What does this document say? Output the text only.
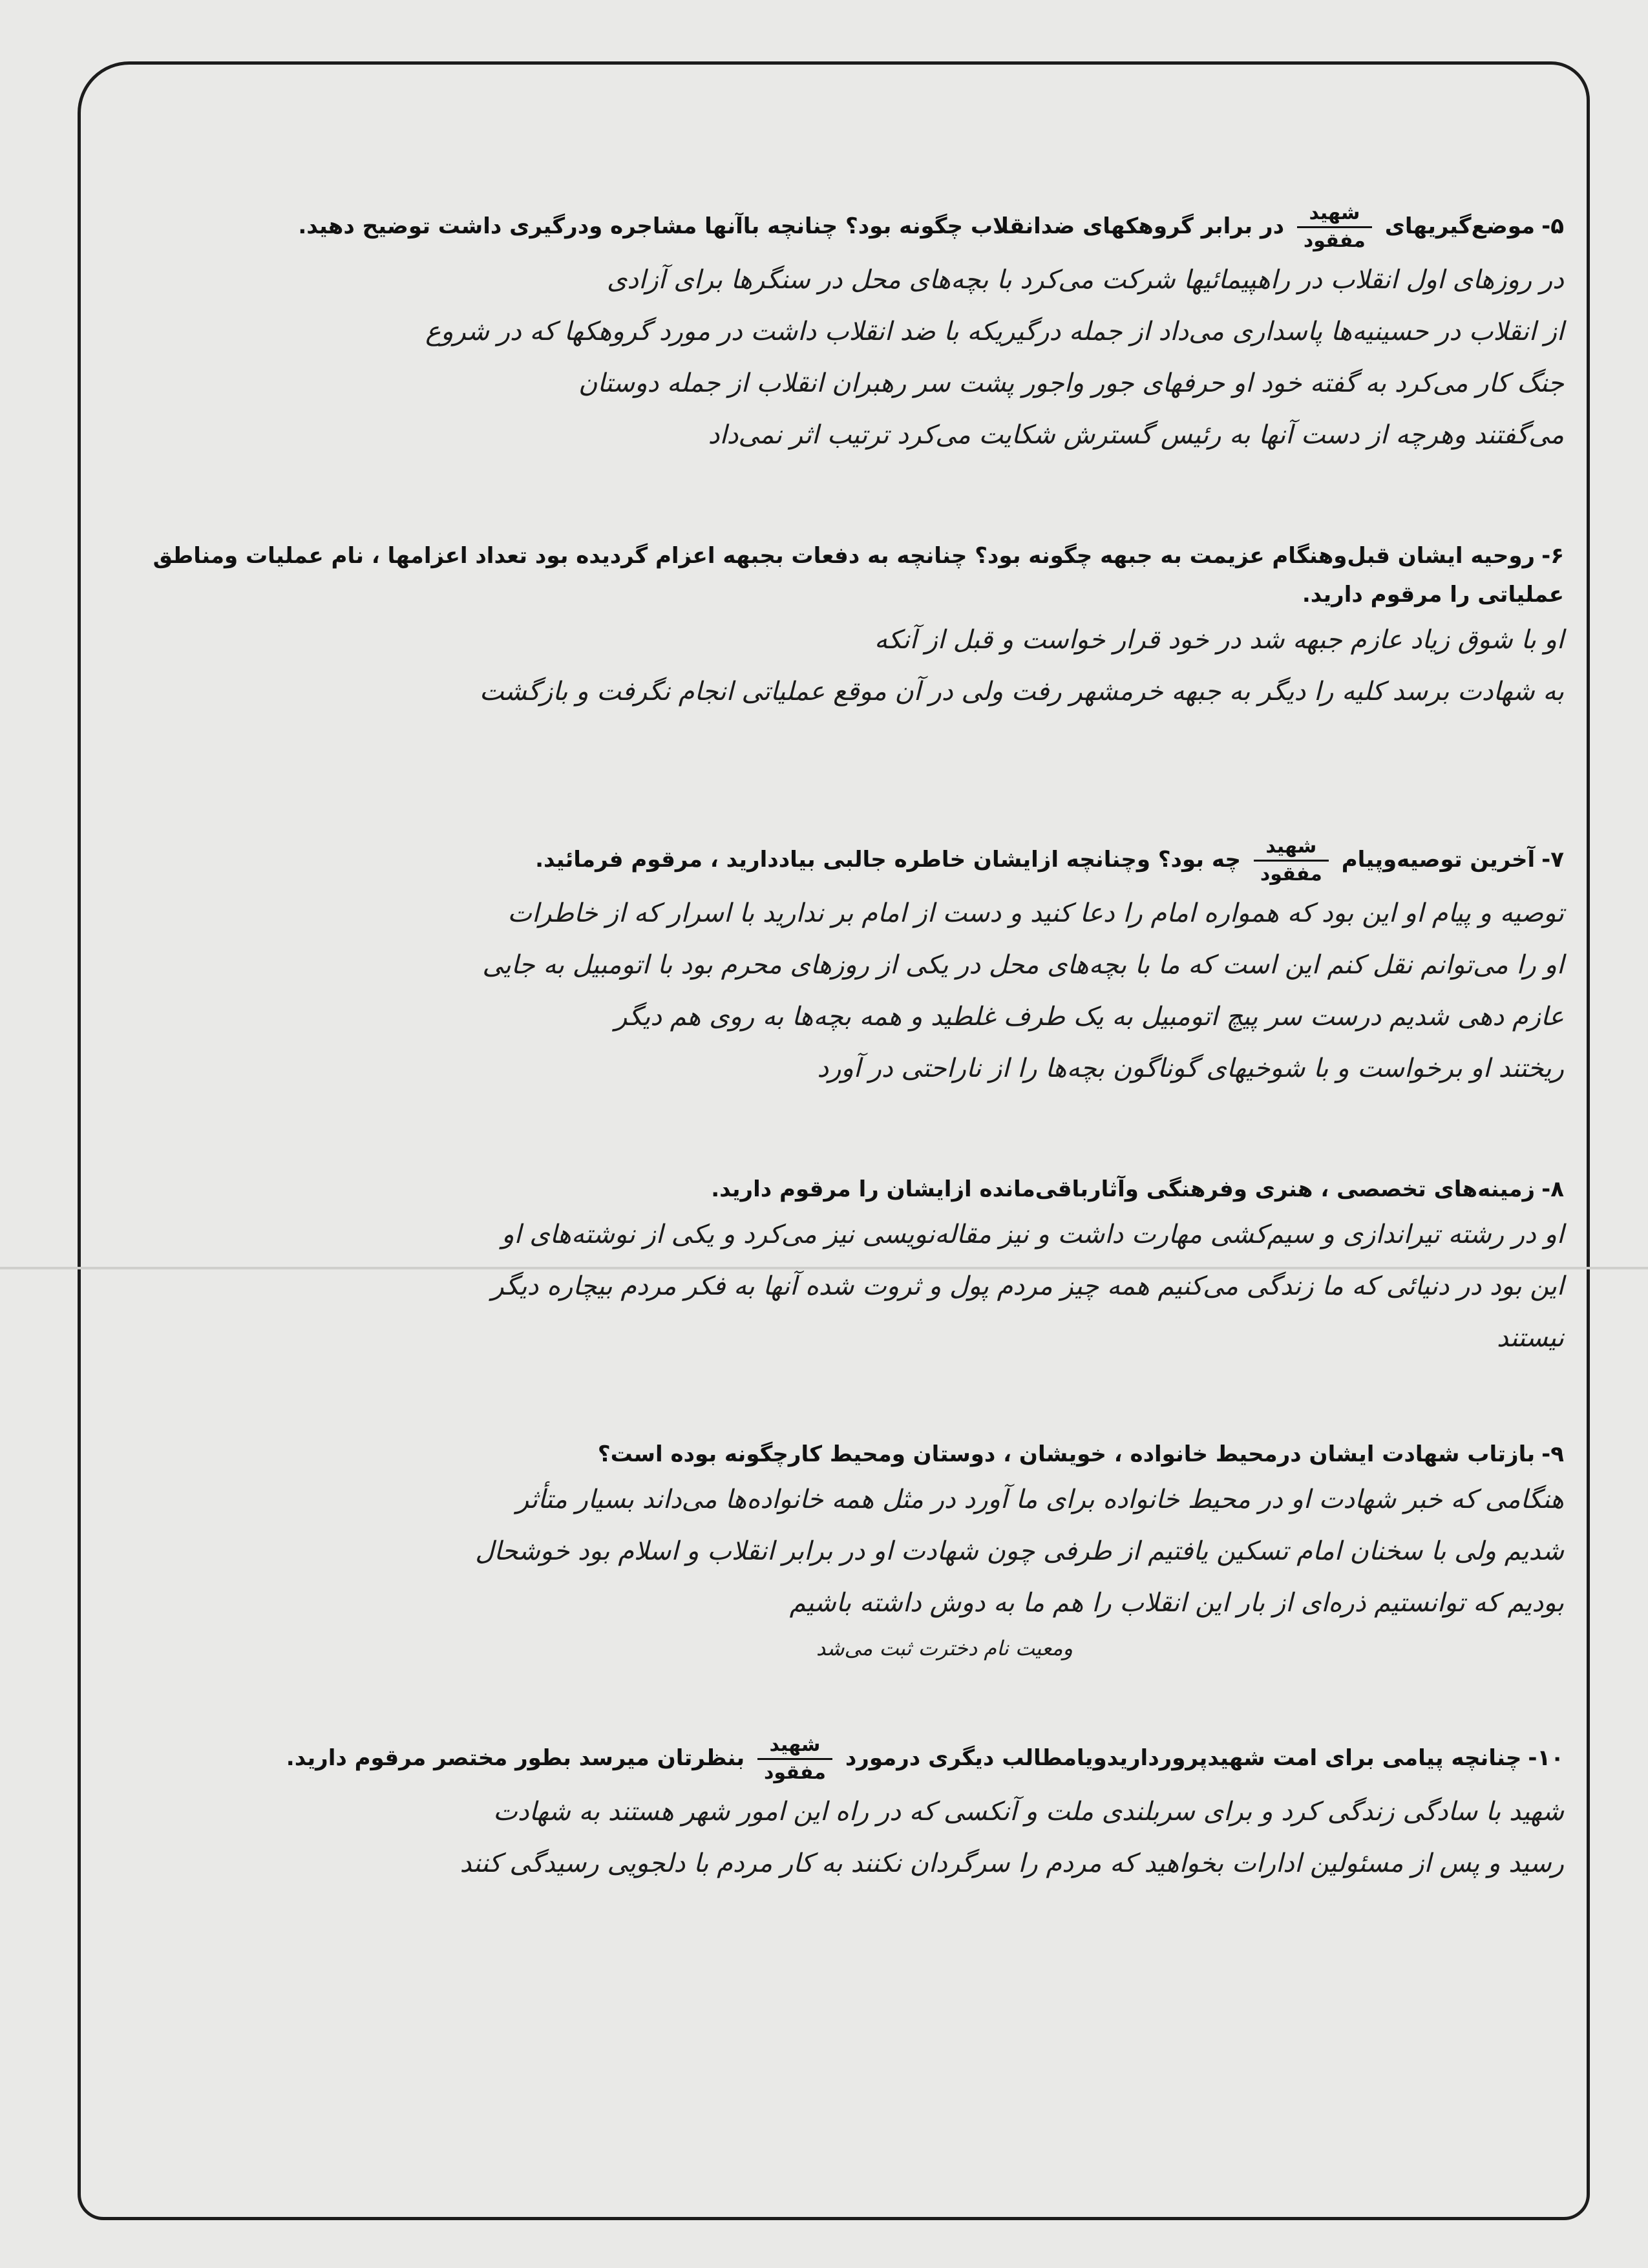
۵-موضع‌گیریهای
$\frac{\text{شهید}}{\text{مفقود}}$
در برابر گروهکهای ضدانقلاب چگونه بود؟ چنانچه باآنها مشاجره ودرگیری داشت توضیح دهید.

در روزهای اول انقلاب در راهپیمائیها شرکت می‌کرد با بچه‌های محل در سنگرها برای آزادی
از انقلاب در حسینیه‌ها پاسداری می‌داد از جمله درگیریکه با ضد انقلاب داشت در مورد گروهکها که در شروع
جنگ کار می‌کرد به گفته خود او حرفهای جور واجور پشت سر رهبران انقلاب از جمله دوستان
می‌گفتند وهرچه از دست آنها به رئیس گسترش شکایت می‌کرد ترتیب اثر نمی‌داد

۶-روحیه ایشان قبل‌وهنگام عزیمت به جبهه چگونه بود؟ چنانچه به دفعات بجبهه اعزام گردیده بود تعداد اعزامها ، نام عملیات ومناطق عملیاتی را مرقوم دارید.

او با شوق زیاد عازم جبهه شد در خود قرار خواست و قبل از آنکه
به شهادت برسد کلیه را دیگر به جبهه خرمشهر رفت ولی در آن موقع عملیاتی انجام نگرفت و بازگشت

۷-آخرین توصیه‌وپیام
$\frac{\text{شهید}}{\text{مفقود}}$
چه بود؟ وچنانچه ازایشان خاطره جالبی بیاددارید ، مرقوم فرمائید.

توصیه و پیام او این بود که همواره امام را دعا کنید و دست از امام بر ندارید با اسرار که از خاطرات
او را می‌توانم نقل کنم این است که ما با بچه‌های محل در یکی از روزهای محرم بود با اتومبیل به جایی
عازم دهی شدیم درست سر پیچ اتومبیل به یک طرف غلطید و همه بچه‌ها به روی هم دیگر
ریختند او برخواست و با شوخیهای گوناگون بچه‌ها را از ناراحتی در آورد

۸-زمینه‌های تخصصی ، هنری وفرهنگی وآثارباقی‌مانده ازایشان را مرقوم دارید.

او در رشته تیراندازی و سیم‌کشی مهارت داشت و نیز مقاله‌نویسی نیز می‌کرد و یکی از نوشته‌های او
این بود در دنیائی که ما زندگی می‌کنیم همه چیز مردم پول و ثروت شده آنها به فکر مردم بیچاره دیگر
نیستند

۹-بازتاب شهادت ایشان درمحیط خانواده ، خویشان ، دوستان ومحیط کارچگونه بوده است؟

هنگامی که خبر شهادت او در محیط خانواده برای ما آورد در مثل همه خانواده‌ها می‌داند بسیار متأثر
شدیم ولی با سخنان امام تسکین یافتیم از طرفی چون شهادت او در برابر انقلاب و اسلام بود خوشحال
بودیم که توانستیم ذره‌ای از بار این انقلاب را هم ما به دوش داشته باشیم
ومعیت نام دخترت ثبت می‌شد

۱۰-چنانچه پیامی برای امت شهیدپرورداریدویامطالب دیگری درمورد
$\frac{\text{شهید}}{\text{مفقود}}$
بنظرتان میرسد بطور مختصر مرقوم دارید.

شهید با سادگی زندگی کرد و برای سربلندی ملت و آنکسی که در راه این امور شهر هستند به شهادت
رسید و پس از مسئولین ادارات بخواهید که مردم را سرگردان نکنند به کار مردم با دلجویی رسیدگی کنند
